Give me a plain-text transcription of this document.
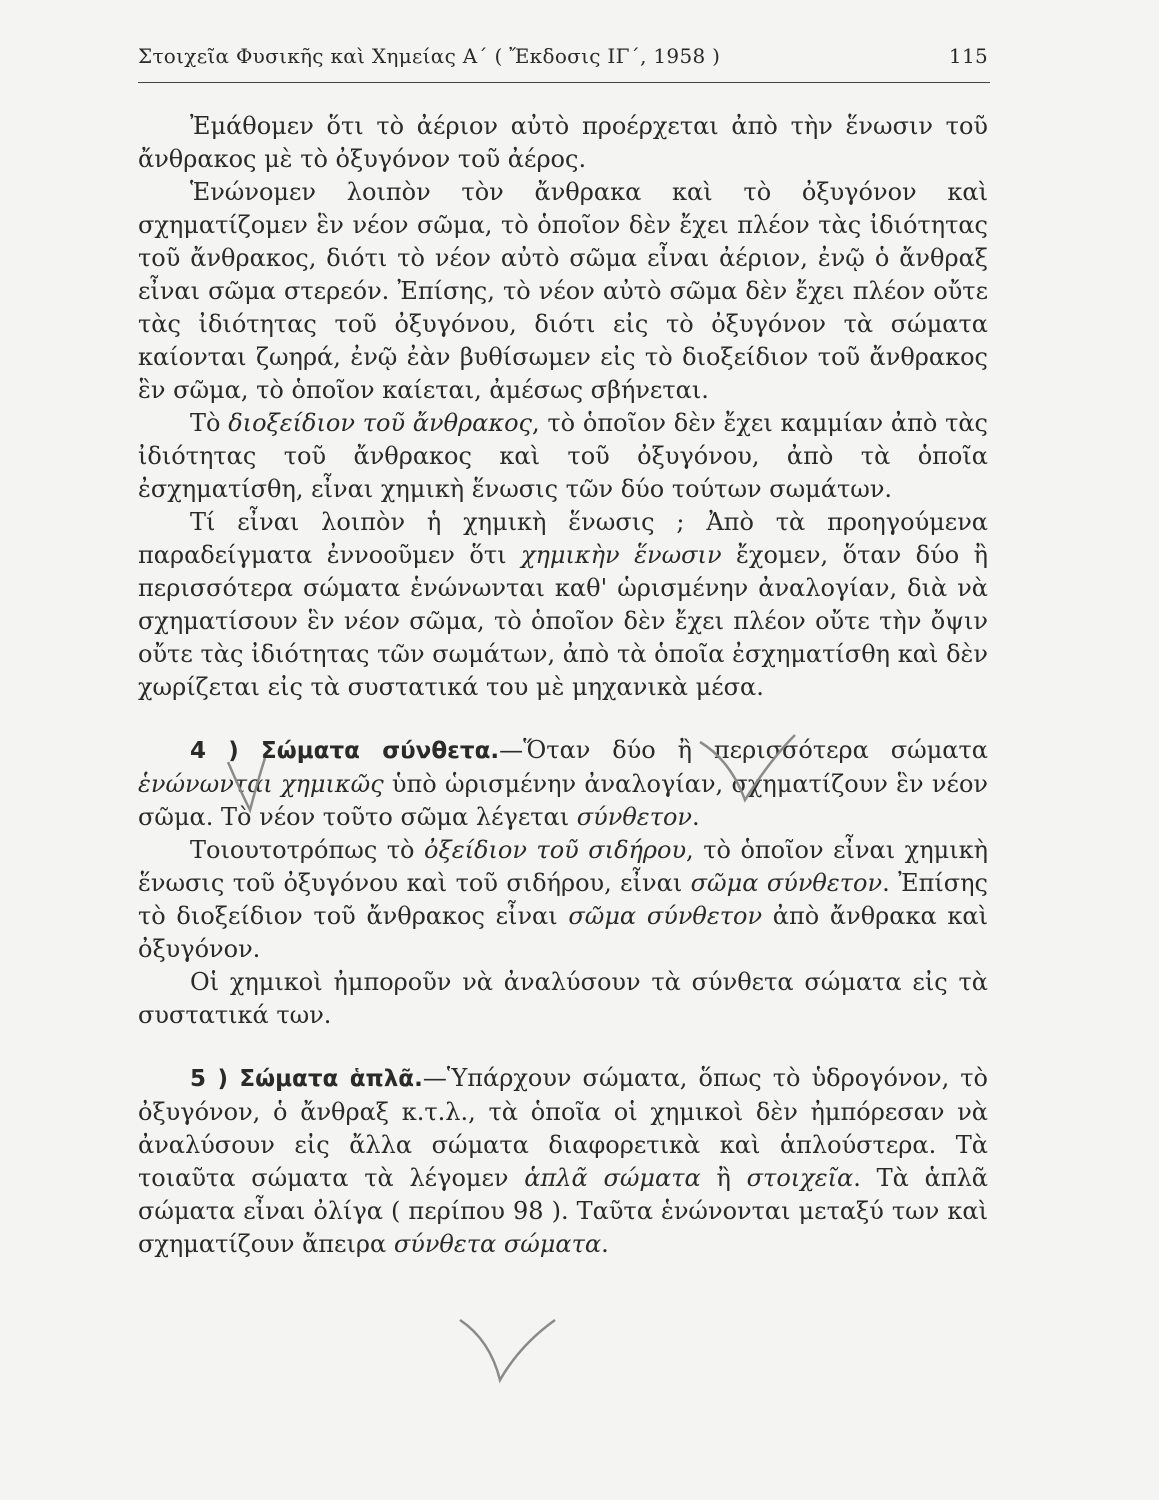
Στοιχεῖα Φυσικῆς καὶ Χημείας Α΄ ( Ἔκδοσις ΙΓ΄, 1958 )	115

Ἐμάθομεν ὅτι τὸ ἀέριον αὐτὸ προέρχεται ἀπὸ τὴν ἕνωσιν τοῦ ἄνθρακος μὲ τὸ ὀξυγόνον τοῦ ἀέρος.

Ἑνώνομεν λοιπὸν τὸν ἄνθρακα καὶ τὸ ὀξυγόνον καὶ σχηματίζομεν ἓν νέον σῶμα, τὸ ὁποῖον δὲν ἔχει πλέον τὰς ἰδιότητας τοῦ ἄνθρακος, διότι τὸ νέον αὐτὸ σῶμα εἶναι ἀέριον, ἐνῷ ὁ ἄνθραξ εἶναι σῶμα στερεόν. Ἐπίσης, τὸ νέον αὐτὸ σῶμα δὲν ἔχει πλέον οὔτε τὰς ἰδιότητας τοῦ ὀξυγόνου, διότι εἰς τὸ ὀξυγόνον τὰ σώματα καίονται ζωηρά, ἐνῷ ἐὰν βυθίσωμεν εἰς τὸ διοξείδιον τοῦ ἄνθρακος ἓν σῶμα, τὸ ὁποῖον καίεται, ἀμέσως σβήνεται.

Τὸ διοξείδιον τοῦ ἄνθρακος, τὸ ὁποῖον δὲν ἔχει καμμίαν ἀπὸ τὰς ἰδιότητας τοῦ ἄνθρακος καὶ τοῦ ὀξυγόνου, ἀπὸ τὰ ὁποῖα ἐσχηματίσθη, εἶναι χημικὴ ἕνωσις τῶν δύο τούτων σωμάτων.

Τί εἶναι λοιπὸν ἡ χημικὴ ἕνωσις ; Ἀπὸ τὰ προηγούμενα παραδείγματα ἐννοοῦμεν ὅτι χημικὴν ἕνωσιν ἔχομεν, ὅταν δύο ἢ περισσότερα σώματα ἑνώνωνται καθ' ὡρισμένην ἀναλογίαν, διὰ νὰ σχηματίσουν ἓν νέον σῶμα, τὸ ὁποῖον δὲν ἔχει πλέον οὔτε τὴν ὄψιν οὔτε τὰς ἰδιότητας τῶν σωμάτων, ἀπὸ τὰ ὁποῖα ἐσχηματίσθη καὶ δὲν χωρίζεται εἰς τὰ συστατικά του μὲ μηχανικὰ μέσα.

4 ) Σώματα σύνθετα.—Ὅταν δύο ἢ περισσότερα σώματα ἑνώνωνται χημικῶς ὑπὸ ὡρισμένην ἀναλογίαν, σχηματίζουν ἓν νέον σῶμα. Τὸ νέον τοῦτο σῶμα λέγεται σύνθετον.

Τοιουτοτρόπως τὸ ὀξείδιον τοῦ σιδήρου, τὸ ὁποῖον εἶναι χημικὴ ἕνωσις τοῦ ὀξυγόνου καὶ τοῦ σιδήρου, εἶναι σῶμα σύνθετον. Ἐπίσης τὸ διοξείδιον τοῦ ἄνθρακος εἶναι σῶμα σύνθετον ἀπὸ ἄνθρακα καὶ ὀξυγόνον.

Οἱ χημικοὶ ἠμποροῦν νὰ ἀναλύσουν τὰ σύνθετα σώματα εἰς τὰ συστατικά των.

5 ) Σώματα ἁπλᾶ.—Ὑπάρχουν σώματα, ὅπως τὸ ὑδρογόνον, τὸ ὀξυγόνον, ὁ ἄνθραξ κ.τ.λ., τὰ ὁποῖα οἱ χημικοὶ δὲν ἠμπόρεσαν νὰ ἀναλύσουν εἰς ἄλλα σώματα διαφορετικὰ καὶ ἁπλούστερα. Τὰ τοιαῦτα σώματα τὰ λέγομεν ἁπλᾶ σώματα ἢ στοιχεῖα. Τὰ ἁπλᾶ σώματα εἶναι ὀλίγα ( περίπου 98 ). Ταῦτα ἑνώνονται μεταξύ των καὶ σχηματίζουν ἄπειρα σύνθετα σώματα.
